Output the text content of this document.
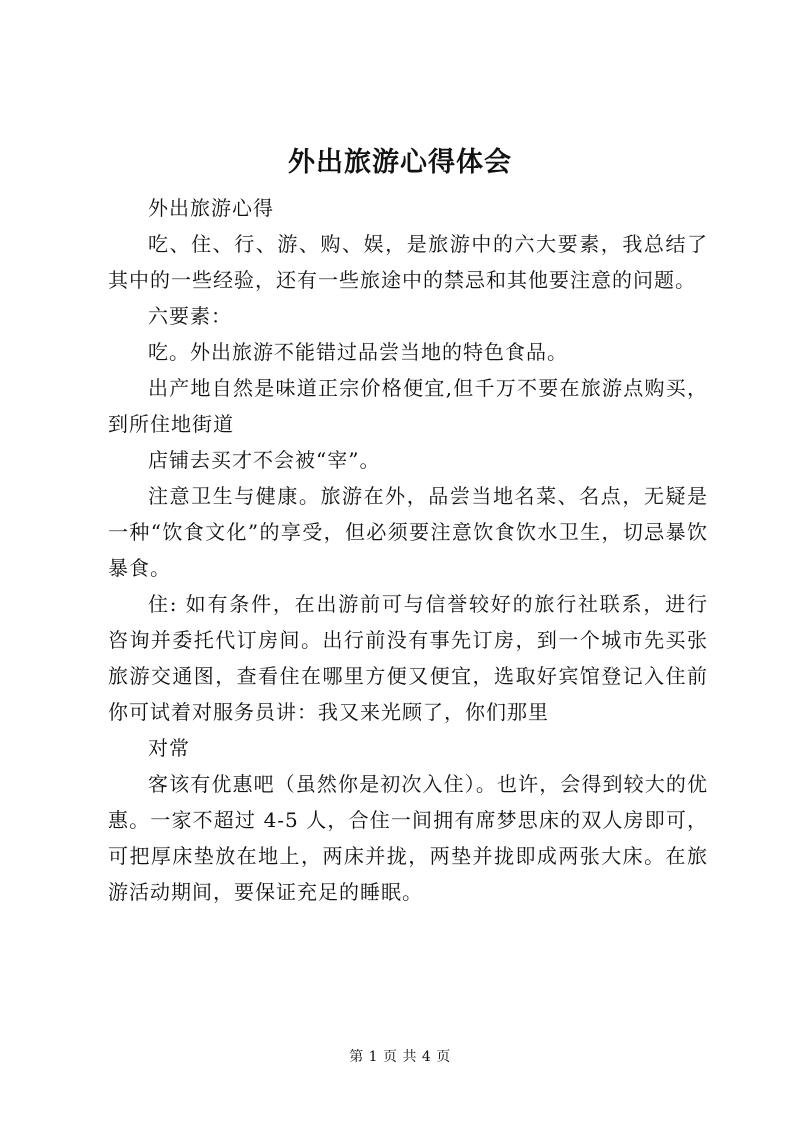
外出旅游心得体会

外出旅游心得

吃、住、行、游、购、娱，是旅游中的六大要素，我总结了其中的一些经验，还有一些旅途中的禁忌和其他要注意的问题。

六要素：

吃。外出旅游不能错过品尝当地的特色食品。

出产地自然是味道正宗价格便宜,但千万不要在旅游点购买，到所住地街道

店铺去买才不会被“宰”。

注意卫生与健康。旅游在外，品尝当地名菜、名点，无疑是一种“饮食文化”的享受，但必须要注意饮食饮水卫生，切忌暴饮暴食。

住: 如有条件，在出游前可与信誉较好的旅行社联系，进行咨询并委托代订房间。出行前没有事先订房，到一个城市先买张旅游交通图，查看住在哪里方便又便宜，选取好宾馆登记入住前你可试着对服务员讲：我又来光顾了，你们那里

对常

客该有优惠吧（虽然你是初次入住）。也许，会得到较大的优惠。一家不超过 4-5 人，合住一间拥有席梦思床的双人房即可，可把厚床垫放在地上，两床并拢，两垫并拢即成两张大床。在旅游活动期间，要保证充足的睡眠。

第 1 页 共 4 页
